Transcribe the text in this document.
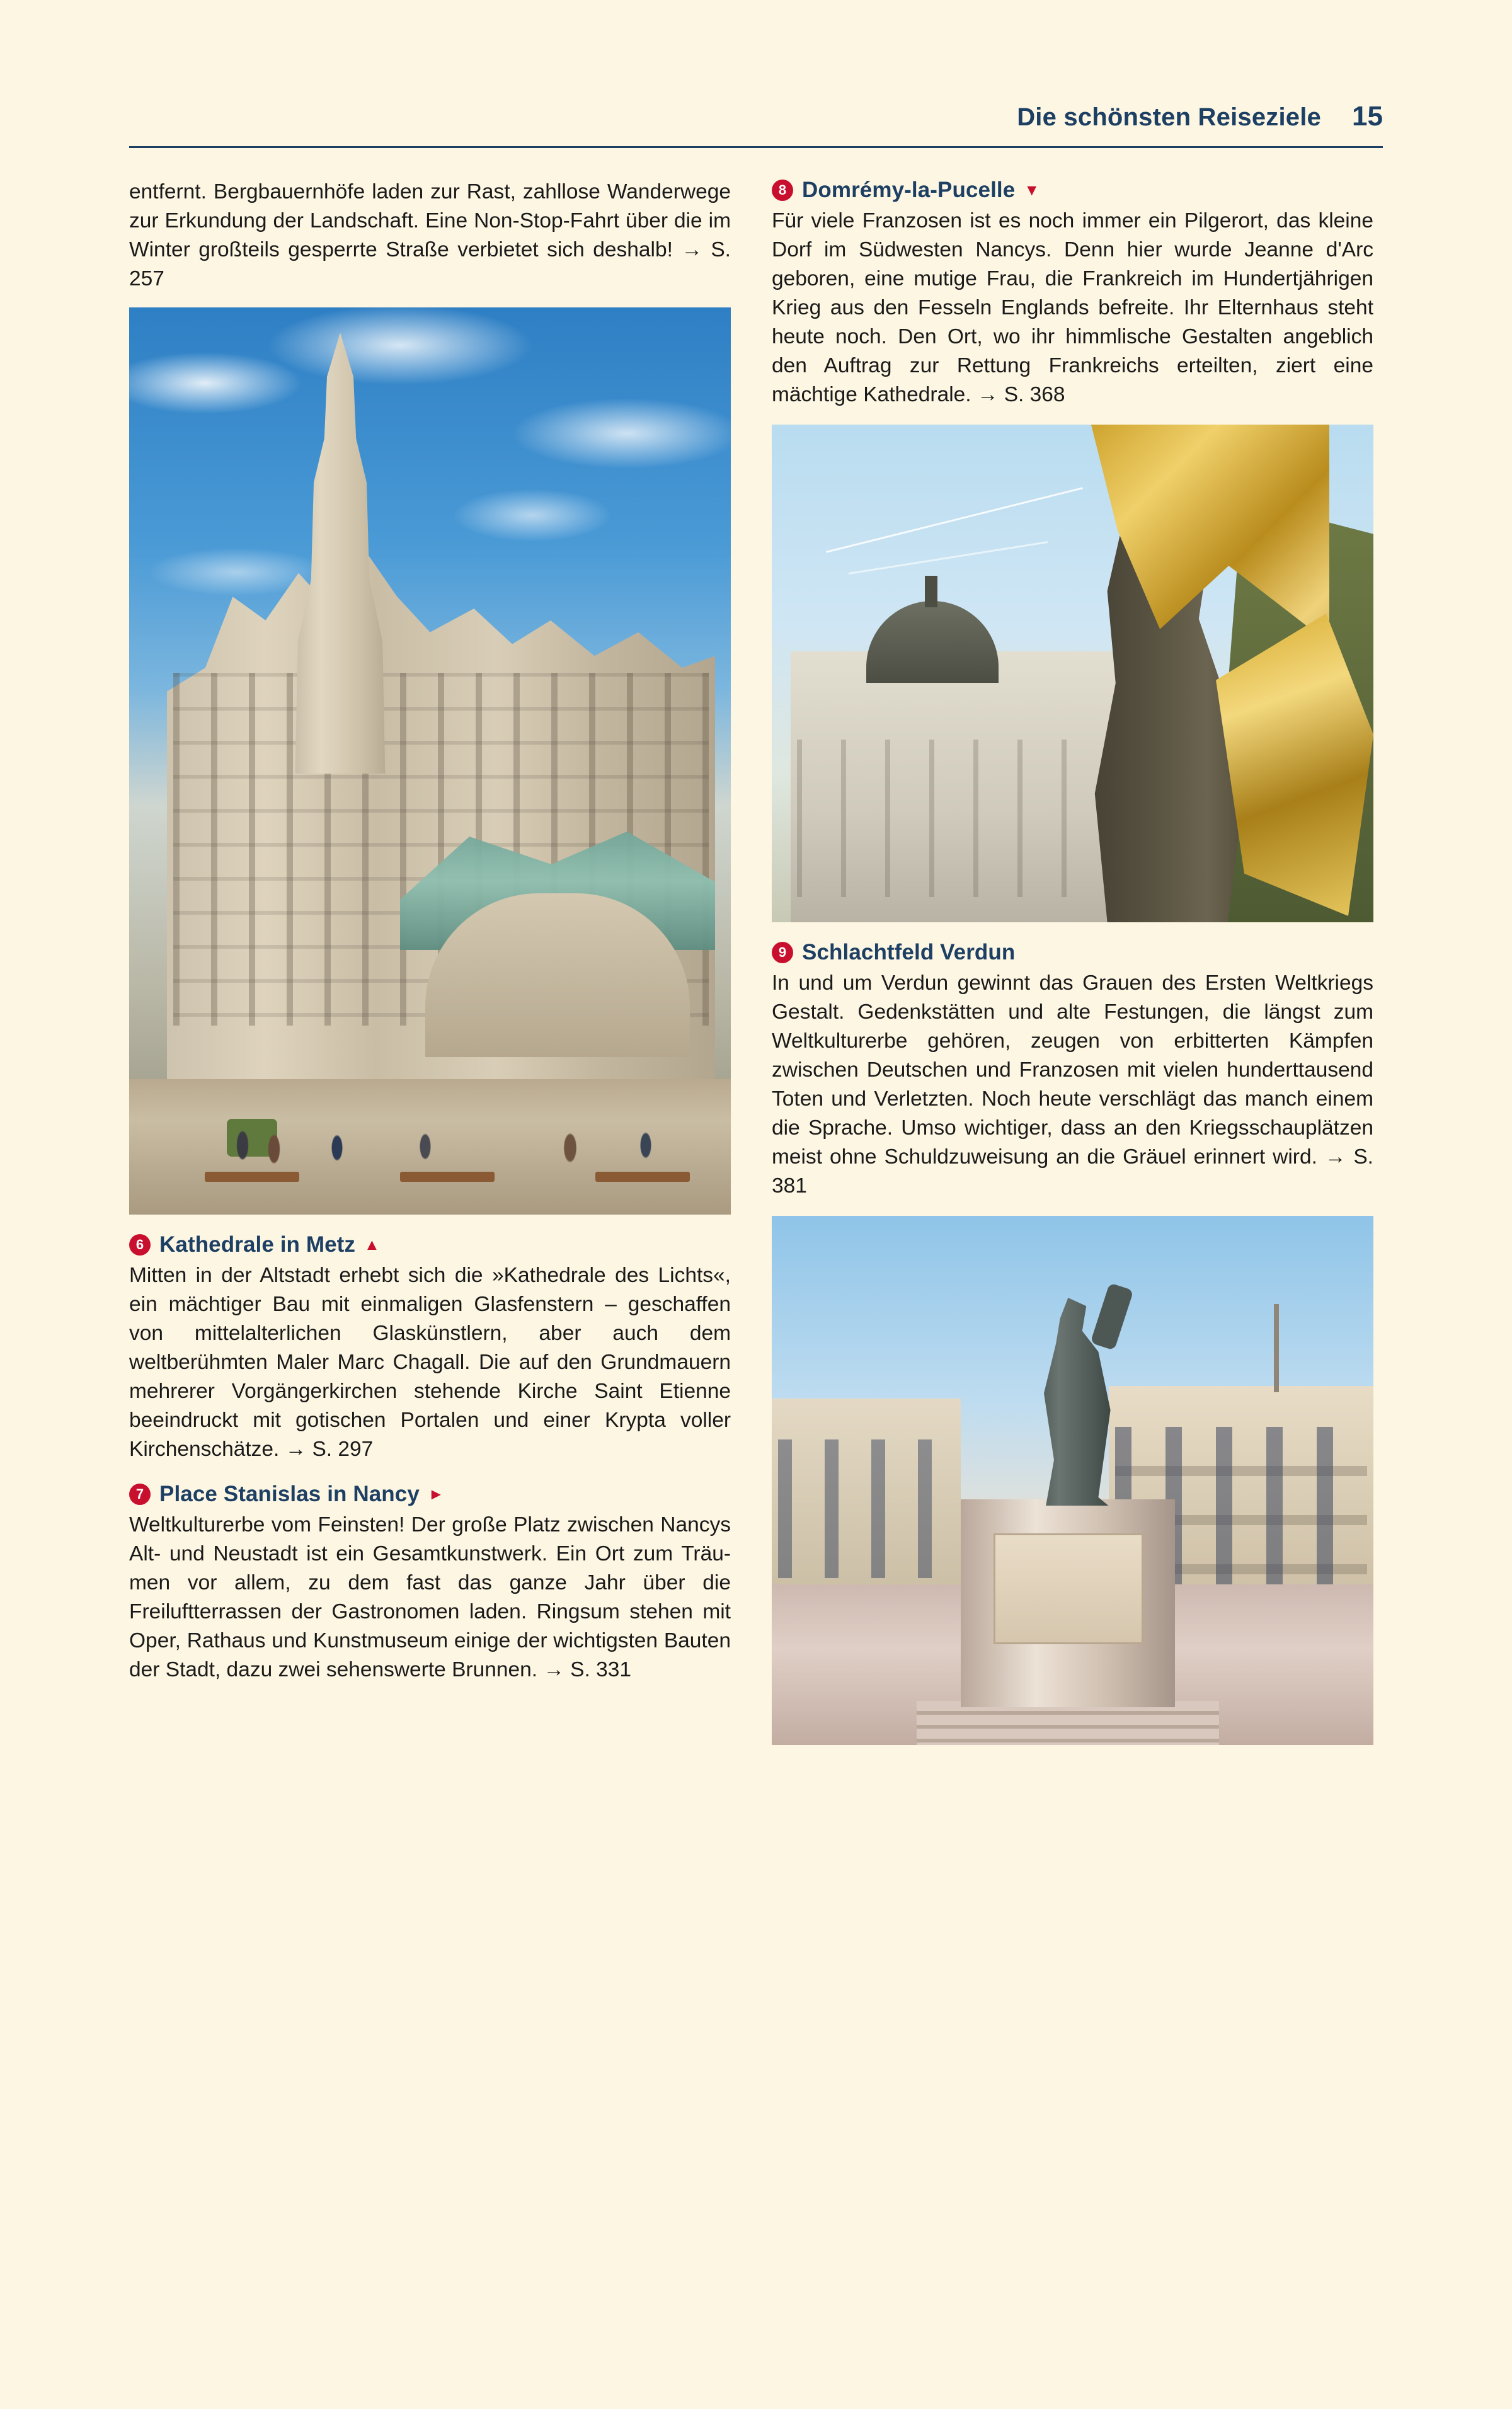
Die schönsten Reiseziele 15

entfernt. Bergbauernhöfe laden zur Rast, zahllose Wanderwege zur Erkundung der Landschaft. Eine Non-Stop-Fahrt über die im Winter großteils gesperrte Straße verbietet sich deshalb! → S. 257

6 Kathedrale in Metz ▲

Mitten in der Altstadt erhebt sich die »Kathedrale des Lichts«, ein mächtiger Bau mit einmaligen Glasfenstern – geschaffen von mittelalterlichen Glaskünstlern, aber auch dem weltberühmten Maler Marc Chagall. Die auf den Grundmauern mehrerer Vorgängerkirchen stehende Kirche Saint Etienne beeindruckt mit gotischen Portalen und einer Krypta voller Kirchenschätze. → S. 297

7 Place Stanislas in Nancy ►

Weltkulturerbe vom Feinsten! Der große Platz zwischen Nancys Alt- und Neustadt ist ein Gesamtkunstwerk. Ein Ort zum Träumen vor allem, zu dem fast das ganze Jahr über die Freiluftterrassen der Gastronomen laden. Ringsum stehen mit Oper, Rathaus und Kunstmuseum einige der wichtigsten Bauten der Stadt, dazu zwei sehenswerte Brunnen. → S. 331

8 Domrémy-la-Pucelle ▼

Für viele Franzosen ist es noch immer ein Pilgerort, das kleine Dorf im Südwesten Nancys. Denn hier wurde Jeanne d'Arc geboren, eine mutige Frau, die Frankreich im Hundertjährigen Krieg aus den Fesseln Englands befreite. Ihr Elternhaus steht heute noch. Den Ort, wo ihr himmlische Gestalten angeblich den Auftrag zur Rettung Frankreichs erteilten, ziert eine mächtige Kathedrale. → S. 368

9 Schlachtfeld Verdun

In und um Verdun gewinnt das Grauen des Ersten Weltkriegs Gestalt. Gedenkstätten und alte Festungen, die längst zum Weltkulturerbe gehören, zeugen von erbitterten Kämpfen zwischen Deutschen und Franzosen mit vielen hunderttausend Toten und Verletzten. Noch heute verschlägt das manch einem die Sprache. Umso wichtiger, dass an den Kriegsschauplätzen meist ohne Schuldzuweisung an die Gräuel erinnert wird. → S. 381
